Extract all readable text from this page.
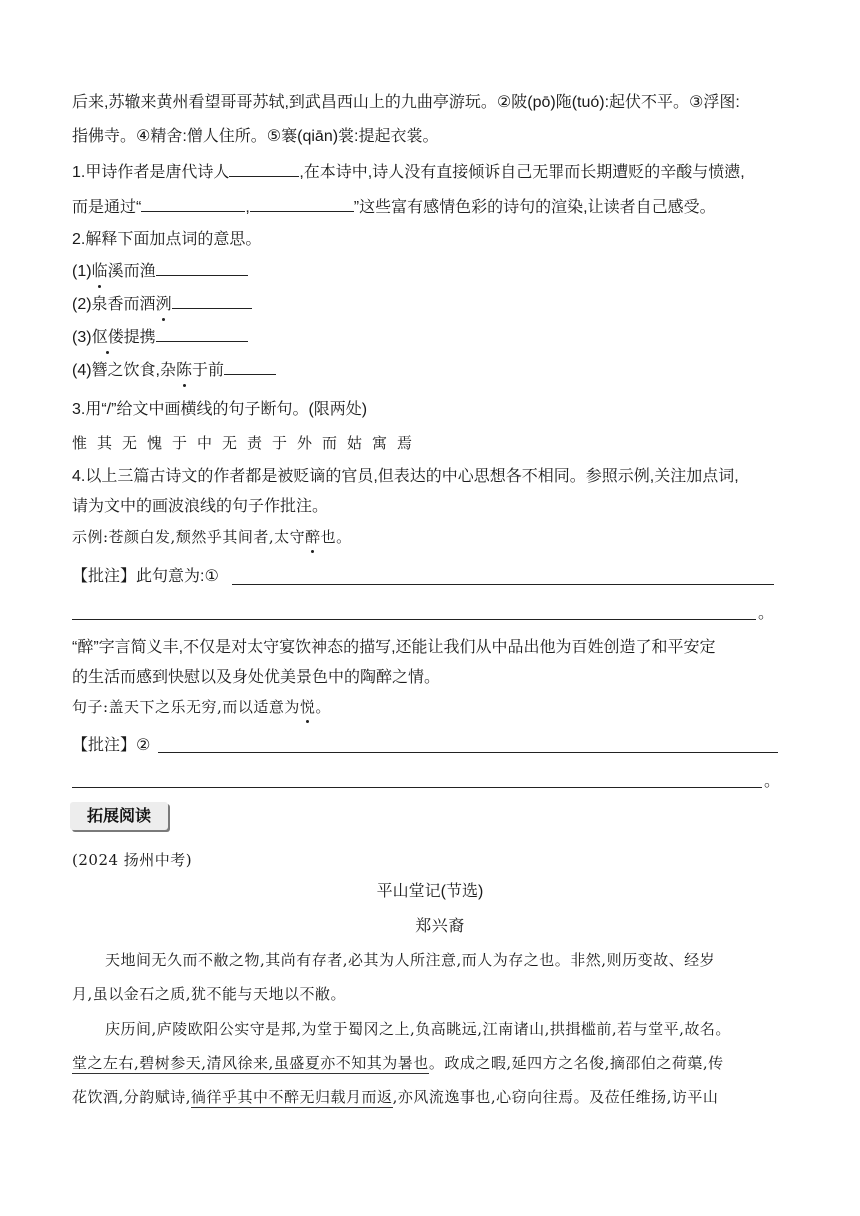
后来,苏辙来黄州看望哥哥苏轼,到武昌西山上的九曲亭游玩。②陂(pō)陁(tuó):起伏不平。③浮图:
指佛寺。④精舍:僧人住所。⑤褰(qiān)裳:提起衣裳。
1.甲诗作者是唐代诗人	,在本诗中,诗人没有直接倾诉自己无罪而长期遭贬的辛酸与愤懑,
而是通过“	,	”这些富有感情色彩的诗句的渲染,让读者自己感受。
2.解释下面加点词的意思。
(1)临溪而渔
(2)泉香而酒洌
(3)伛偻提携
(4)簪之饮食,杂陈于前
3.用“/”给文中画横线的句子断句。(限两处)
惟其无愧于中无责于外而姑寓焉
4.以上三篇古诗文的作者都是被贬谪的官员,但表达的中心思想各不相同。参照示例,关注加点词,
请为文中的画波浪线的句子作批注。
示例:苍颜白发,颓然乎其间者,太守醉也。
【批注】此句意为:①
。
“醉”字言简义丰,不仅是对太守宴饮神态的描写,还能让我们从中品出他为百姓创造了和平安定
的生活而感到快慰以及身处优美景色中的陶醉之情。
句子:盖天下之乐无穷,而以适意为悦。
【批注】②
。
拓展阅读
(2024 扬州中考)
平山堂记(节选)
郑兴裔
天地间无久而不敝之物,其尚有存者,必其为人所注意,而人为存之也。非然,则历变故、经岁
月,虽以金石之质,犹不能与天地以不敝。
庆历间,庐陵欧阳公实守是邦,为堂于蜀冈之上,负高眺远,江南诸山,拱揖槛前,若与堂平,故名。
堂之左右,碧树参天,清风徐来,虽盛夏亦不知其为暑也。政成之暇,延四方之名俊,摘邵伯之荷蕖,传
花饮酒,分韵赋诗,徜徉乎其中不醉无归载月而返,亦风流逸事也,心窃向往焉。及莅任维扬,访平山
